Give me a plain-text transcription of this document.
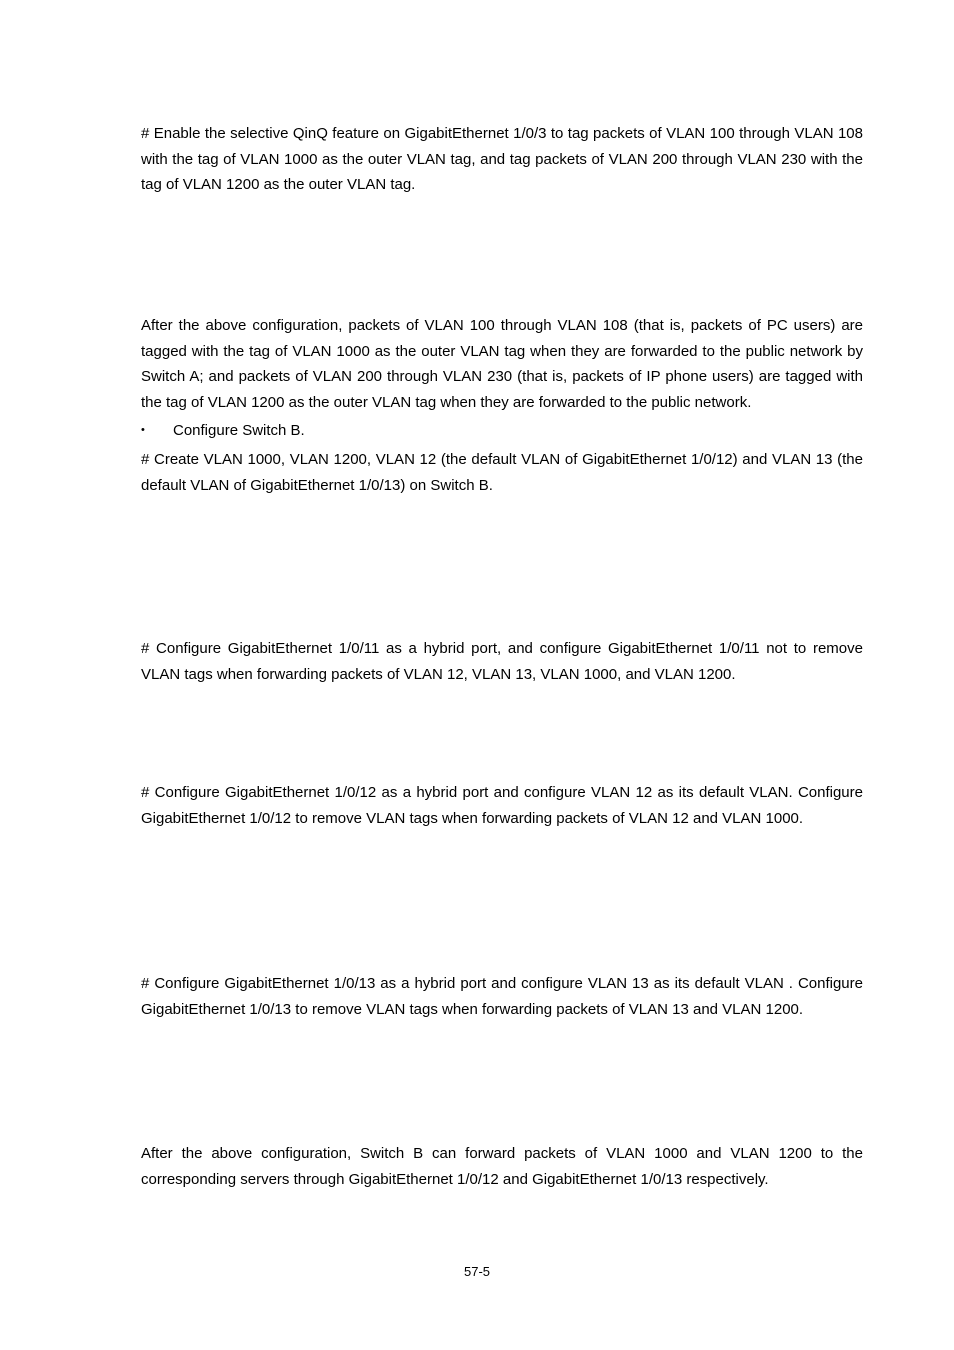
# Enable the selective QinQ feature on GigabitEthernet 1/0/3 to tag packets of VLAN 100 through VLAN 108 with the tag of VLAN 1000 as the outer VLAN tag, and tag packets of VLAN 200 through VLAN 230 with the tag of VLAN 1200 as the outer VLAN tag.

After the above configuration, packets of VLAN 100 through VLAN 108 (that is, packets of PC users) are tagged with the tag of VLAN 1000 as the outer VLAN tag when they are forwarded to the public network by Switch A; and packets of VLAN 200 through VLAN 230 (that is, packets of IP phone users) are tagged with the tag of VLAN 1200 as the outer VLAN tag when they are forwarded to the public network.

• Configure Switch B.

# Create VLAN 1000, VLAN 1200, VLAN 12 (the default VLAN of GigabitEthernet 1/0/12) and VLAN 13 (the default VLAN of GigabitEthernet 1/0/13) on Switch B.

# Configure GigabitEthernet 1/0/11 as a hybrid port, and configure GigabitEthernet 1/0/11 not to remove VLAN tags when forwarding packets of VLAN 12, VLAN 13, VLAN 1000, and VLAN 1200.

# Configure GigabitEthernet 1/0/12 as a hybrid port and configure VLAN 12 as its default VLAN. Configure GigabitEthernet 1/0/12 to remove VLAN tags when forwarding packets of VLAN 12 and VLAN 1000.

# Configure GigabitEthernet 1/0/13 as a hybrid port and configure VLAN 13 as its default VLAN . Configure GigabitEthernet 1/0/13 to remove VLAN tags when forwarding packets of VLAN 13 and VLAN 1200.

After the above configuration, Switch B can forward packets of VLAN 1000 and VLAN 1200 to the corresponding servers through GigabitEthernet 1/0/12 and GigabitEthernet 1/0/13 respectively.

57-5
